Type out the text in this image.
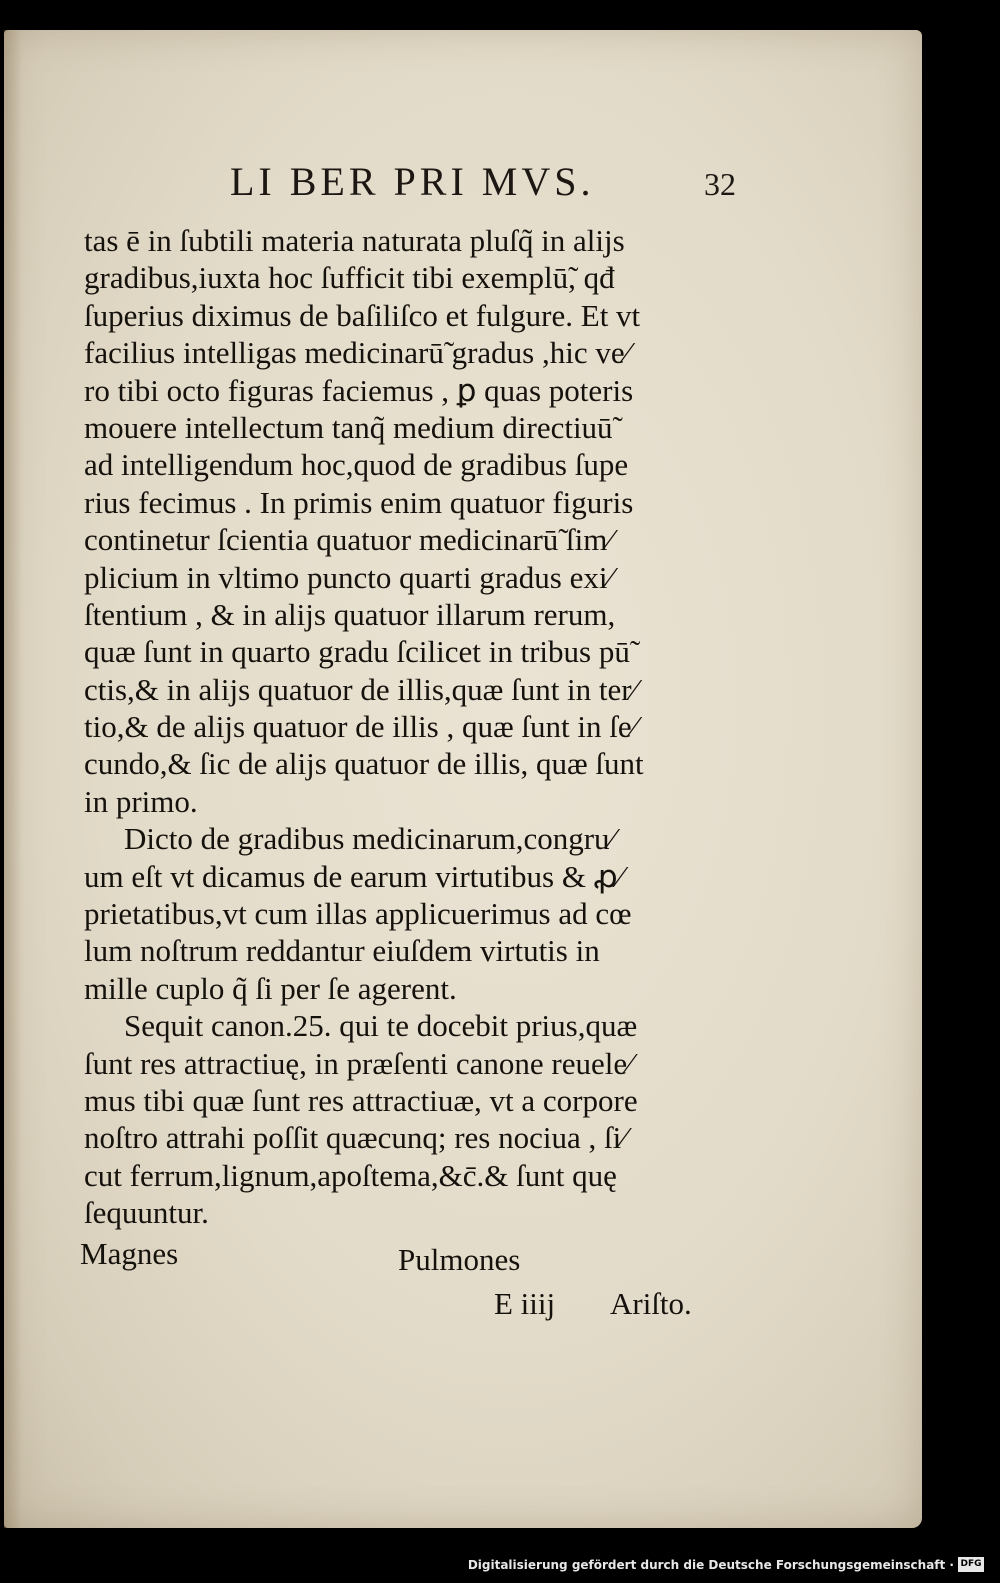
LI BER PRI MVS.	32
tas ē in ſubtili materia naturata pluſq̃ in alijs
gradibus,iuxta hoc ſufficit tibi exemplū̃, qđ
ſuperius diximus de baſiliſco et fulgure. Et vt
facilius intelligas medicinarū̃ gradus ,hic ve⁄
ro tibi octo figuras faciemus , ꝑ quas poteris
mouere intellectum tanq̃ medium directiuū̃
ad intelligendum hoc,quod de gradibus ſupe
rius fecimus . In primis enim quatuor figuris
continetur ſcientia quatuor medicinarū̃ ſim⁄
plicium in vltimo puncto quarti gradus exi⁄
ſtentium , & in alijs quatuor illarum rerum,
quæ ſunt in quarto gradu ſcilicet in tribus pū̃
ctis,& in alijs quatuor de illis,quæ ſunt in ter⁄
tio,& de alijs quatuor de illis , quæ ſunt in ſe⁄
cundo,& ſic de alijs quatuor de illis, quæ ſunt
in primo.
Dicto de gradibus medicinarum,congru⁄
um eſt vt dicamus de earum virtutibus & ꝓ⁄
prietatibus,vt cum illas applicuerimus ad cœ
lum noſtrum reddantur eiuſdem virtutis in
mille cuplo q̃ ſi per ſe agerent.
Sequit canon.25. qui te docebit prius,quæ
ſunt res attractiuę, in præſenti canone reuele⁄
mus tibi quæ ſunt res attractiuæ, vt a corpore
noſtro attrahi poſſit quæcunq; res nociua , ſi⁄
cut ferrum,lignum,apoſtema,&c̄.& ſunt quę
ſequuntur.
Magnes	Pulmones
E iiij Ariſto.
Digitalisierung gefördert durch die Deutsche Forschungsgemeinschaft · DFG
